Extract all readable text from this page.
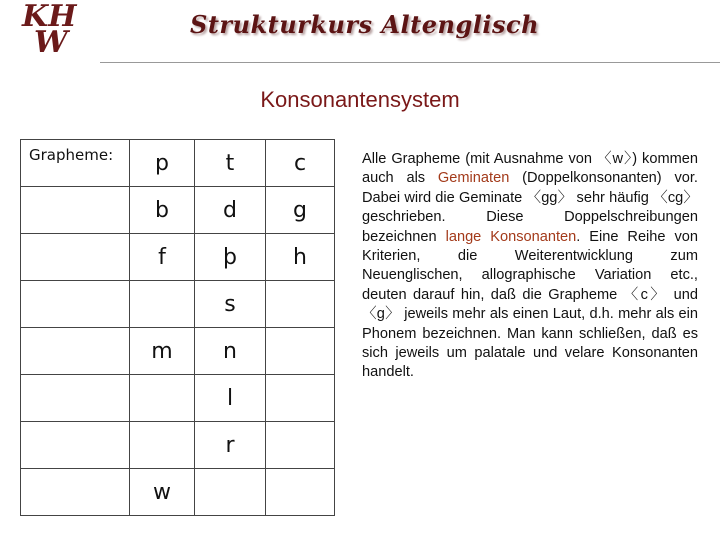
KH
W
Strukturkurs Altenglisch
Konsonantensystem
Grapheme:	p	t	c
	b	d	g
	f	þ	h
		s	
	m	n	
		l	
		r	
	w		
Alle Grapheme (mit Ausnahme von 〈w〉) kommen auch als Geminaten (Doppelkonsonanten) vor. Dabei wird die Geminate 〈gg〉 sehr häufig 〈cg〉 geschrieben. Diese Doppelschreibungen bezeichnen lange Konsonanten. Eine Reihe von Kriterien, die Weiterentwicklung zum Neuenglischen, allographische Variation etc., deuten darauf hin, daß die Grapheme 〈c〉 und 〈g〉 jeweils mehr als einen Laut, d.h. mehr als ein Phonem bezeichnen. Man kann schließen, daß es sich jeweils um palatale und velare Konsonanten handelt.
